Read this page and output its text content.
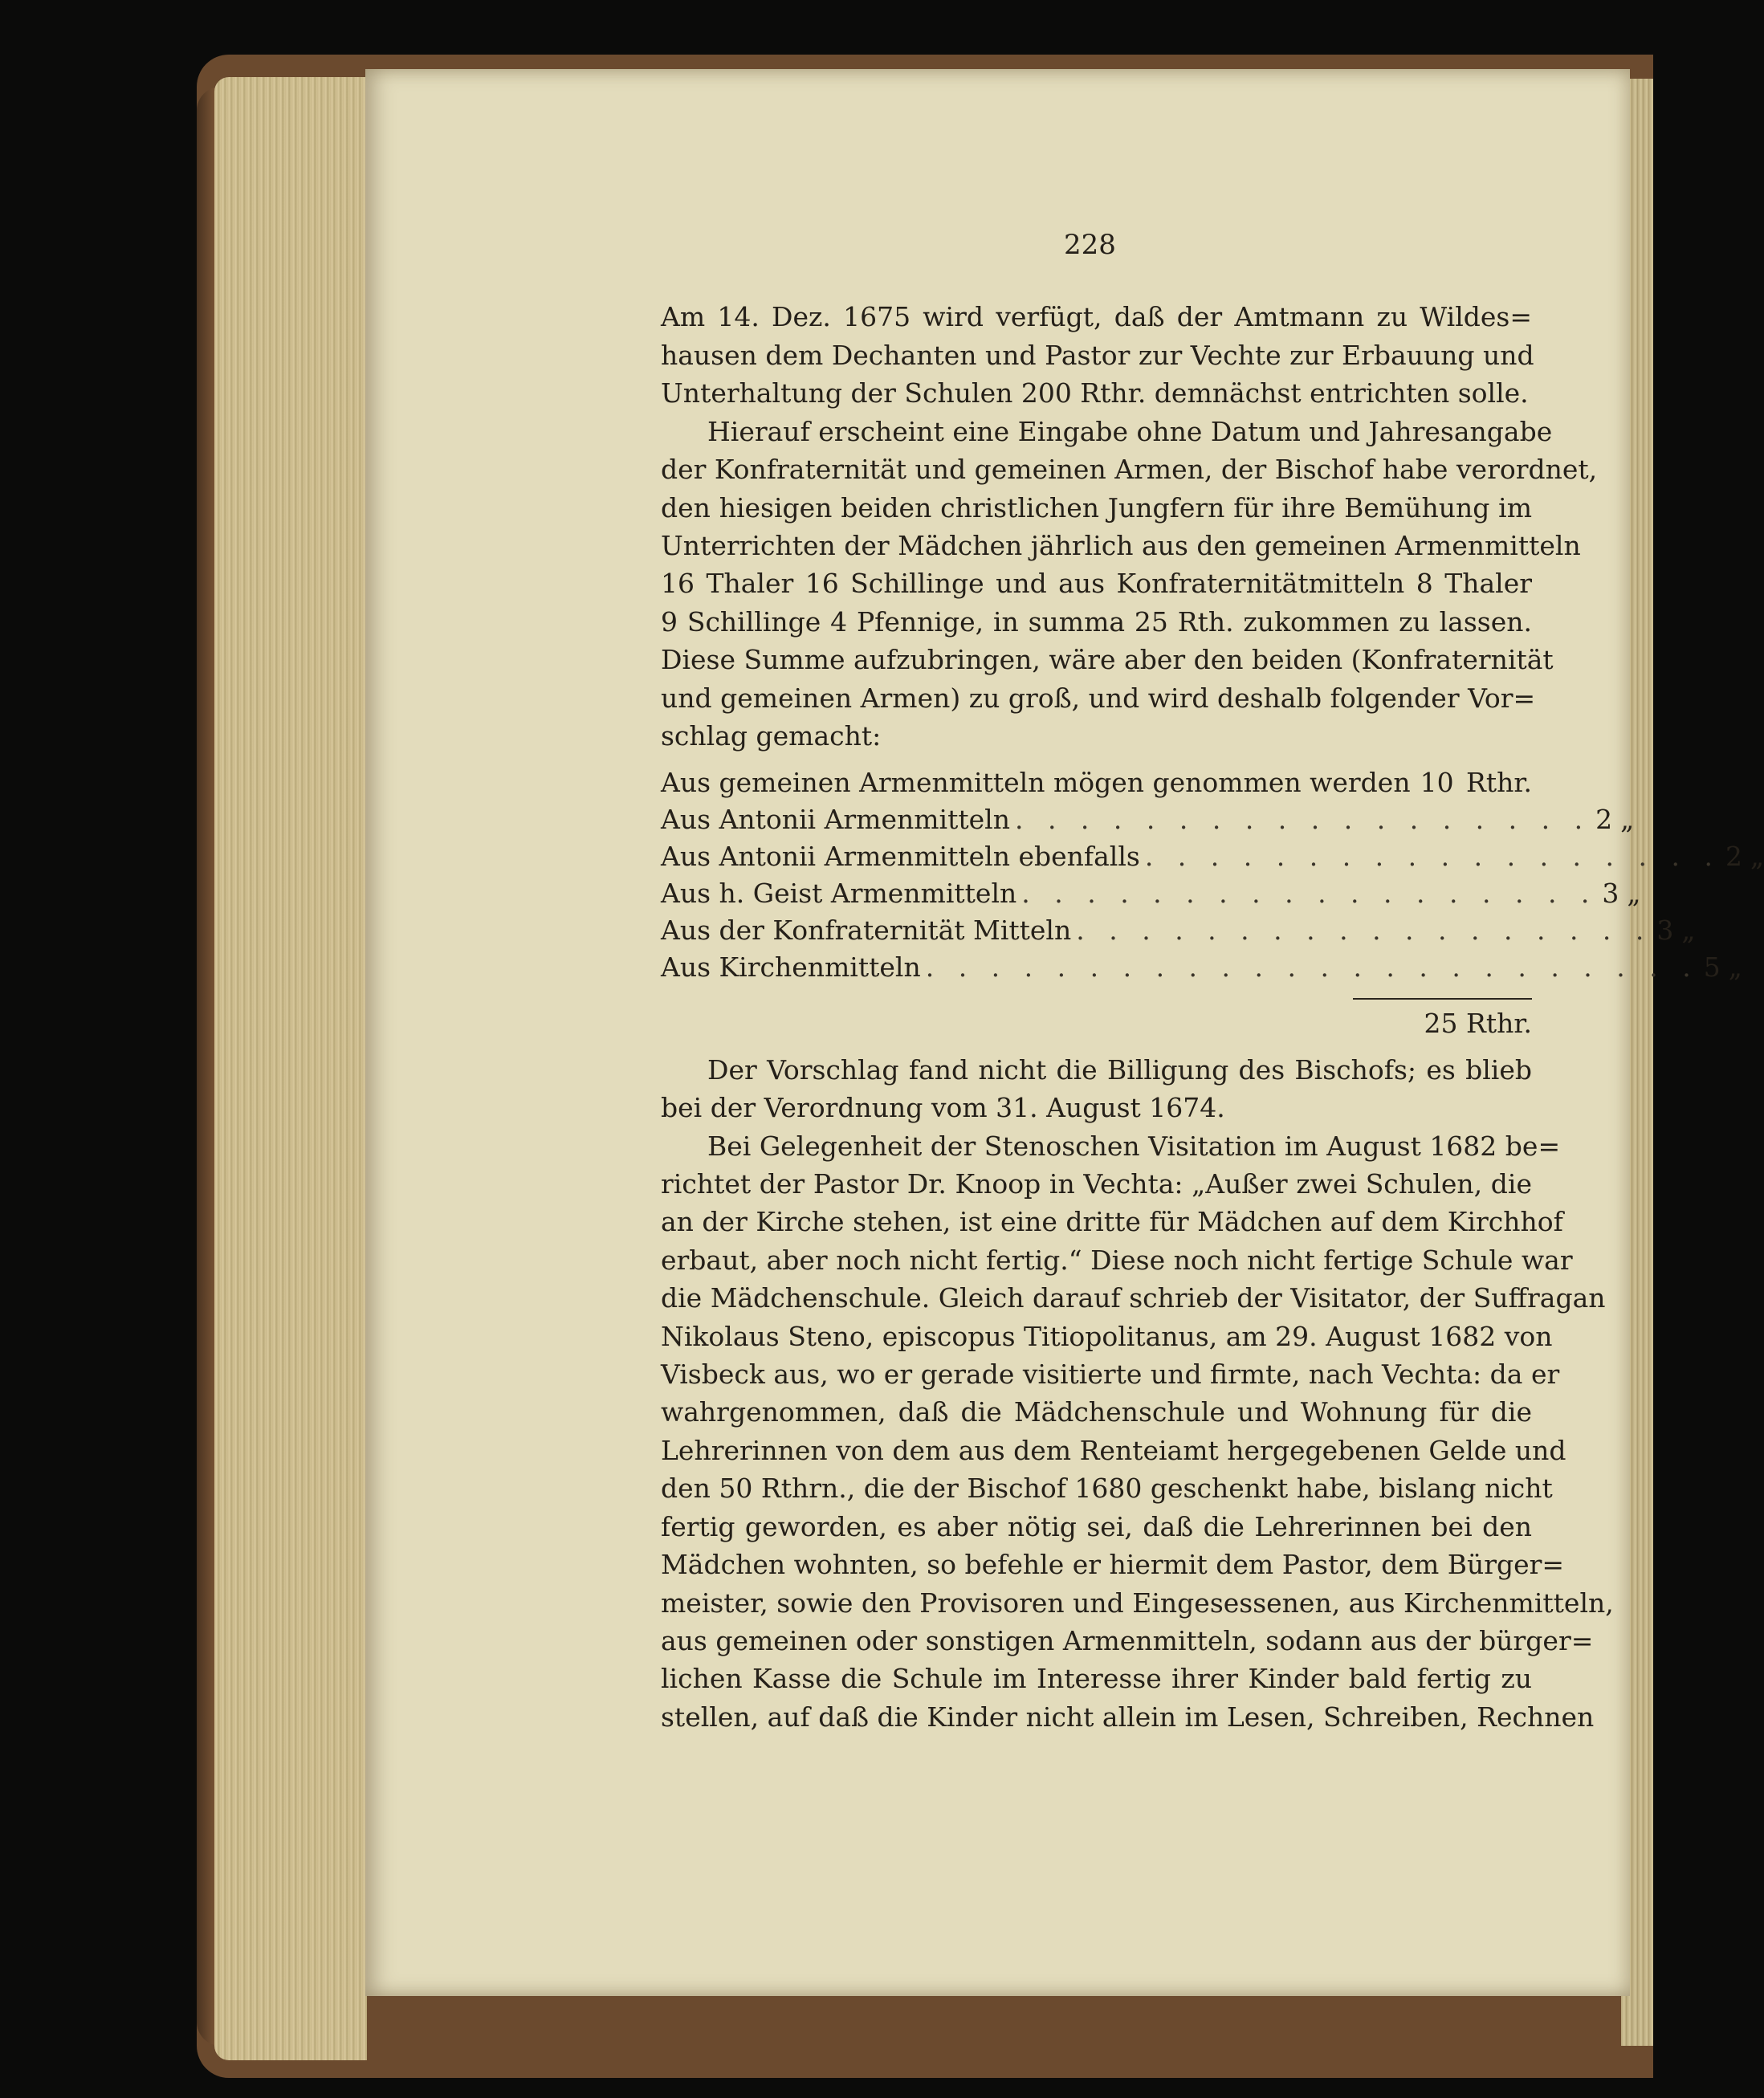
228
Am 14. Dez. 1675 wird verfügt, daß der Amtmann zu Wildes=
hausen dem Dechanten und Pastor zur Vechte zur Erbauung und
Unterhaltung der Schulen 200 Rthr. demnächst entrichten solle.
Hierauf erscheint eine Eingabe ohne Datum und Jahresangabe
der Konfraternität und gemeinen Armen, der Bischof habe verordnet,
den hiesigen beiden christlichen Jungfern für ihre Bemühung im
Unterrichten der Mädchen jährlich aus den gemeinen Armenmitteln
16 Thaler 16 Schillinge und aus Konfraternitätmitteln 8 Thaler
9 Schillinge 4 Pfennige, in summa 25 Rth. zukommen zu lassen.
Diese Summe aufzubringen, wäre aber den beiden (Konfraternität
und gemeinen Armen) zu groß, und wird deshalb folgender Vor=
schlag gemacht:
Aus gemeinen Armenmitteln mögen genommen werden 10 Rthr.
Aus Antonii Armenmitteln . . . . . . . . . . . . . . . . . . 2 „
Aus Antonii Armenmitteln ebenfalls . . . . . . . . . . . . . . . . . . 2 „
Aus h. Geist Armenmitteln . . . . . . . . . . . . . . . . . . 3 „
Aus der Konfraternität Mitteln . . . . . . . . . . . . . . . . . . 3 „
Aus Kirchenmitteln . . . . . . . . . . . . . . . . . . . . . . . . 5 „
25 Rthr.
Der Vorschlag fand nicht die Billigung des Bischofs; es blieb
bei der Verordnung vom 31. August 1674.
Bei Gelegenheit der Stenoschen Visitation im August 1682 be=
richtet der Pastor Dr. Knoop in Vechta: „Außer zwei Schulen, die
an der Kirche stehen, ist eine dritte für Mädchen auf dem Kirchhof
erbaut, aber noch nicht fertig.“ Diese noch nicht fertige Schule war
die Mädchenschule. Gleich darauf schrieb der Visitator, der Suffragan
Nikolaus Steno, episcopus Titiopolitanus, am 29. August 1682 von
Visbeck aus, wo er gerade visitierte und firmte, nach Vechta: da er
wahrgenommen, daß die Mädchenschule und Wohnung für die
Lehrerinnen von dem aus dem Renteiamt hergegebenen Gelde und
den 50 Rthrn., die der Bischof 1680 geschenkt habe, bislang nicht
fertig geworden, es aber nötig sei, daß die Lehrerinnen bei den
Mädchen wohnten, so befehle er hiermit dem Pastor, dem Bürger=
meister, sowie den Provisoren und Eingesessenen, aus Kirchenmitteln,
aus gemeinen oder sonstigen Armenmitteln, sodann aus der bürger=
lichen Kasse die Schule im Interesse ihrer Kinder bald fertig zu
stellen, auf daß die Kinder nicht allein im Lesen, Schreiben, Rechnen
